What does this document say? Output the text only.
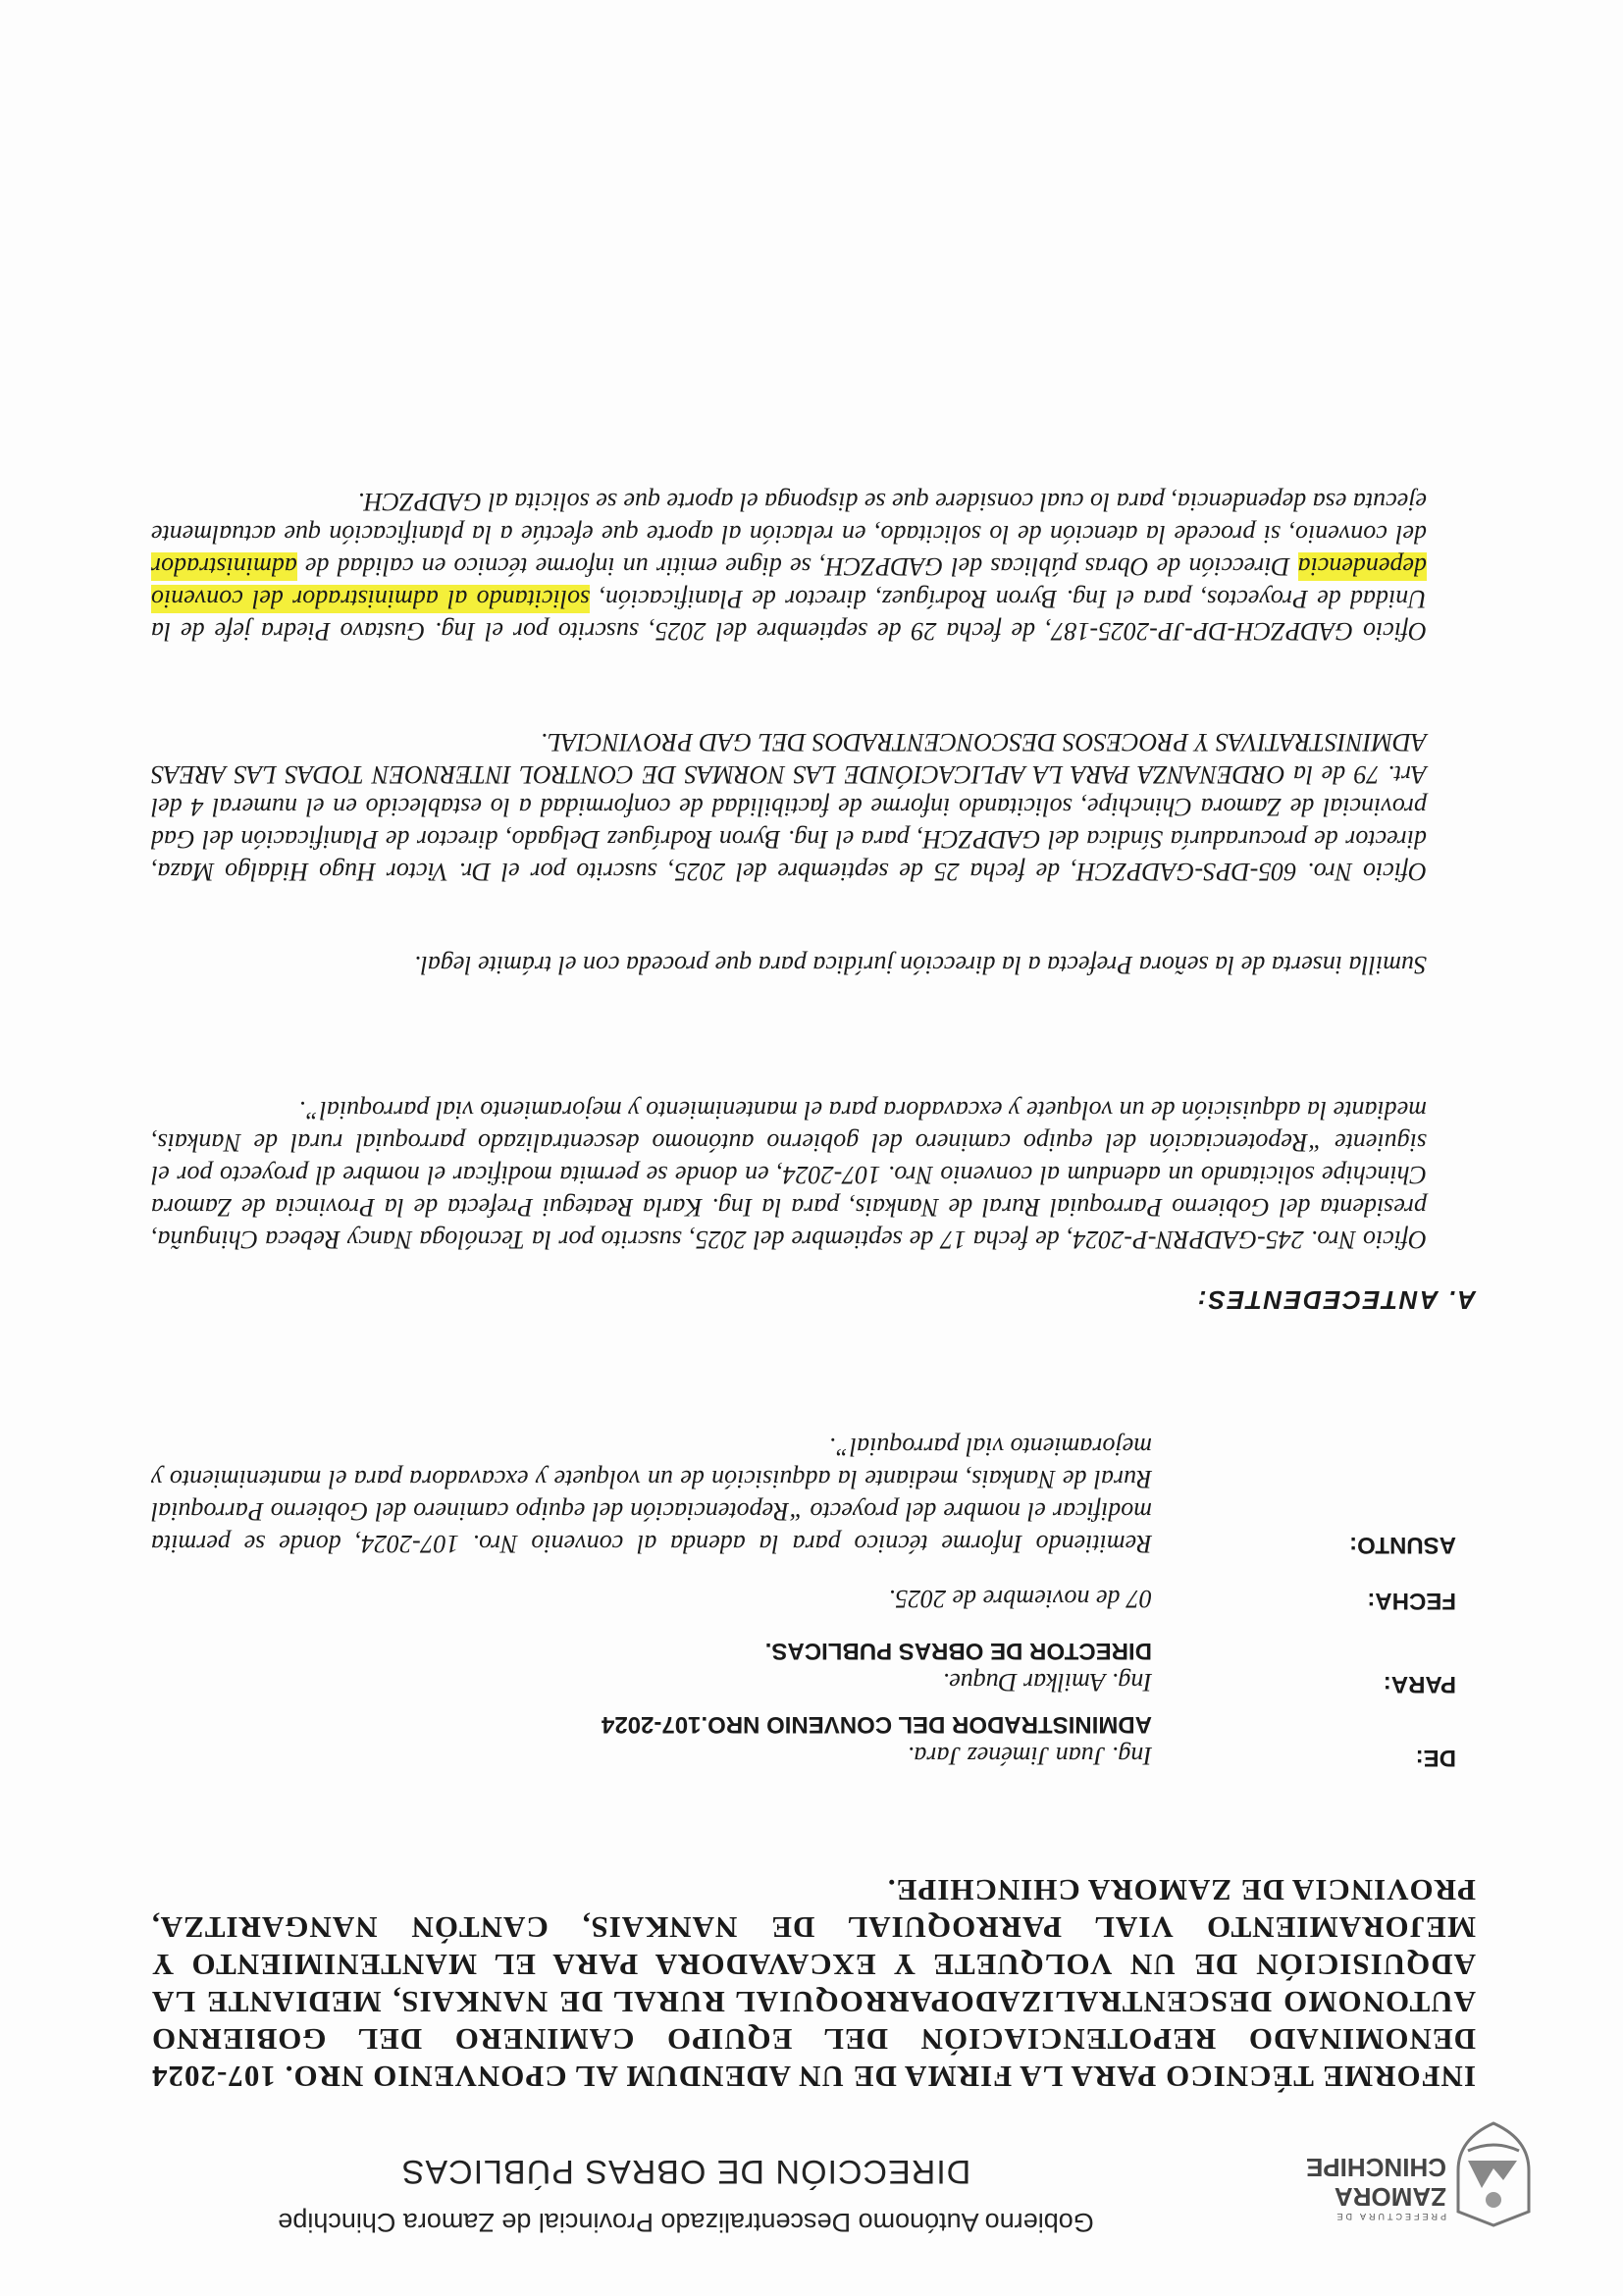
PREFECTURA DE
ZAMORA
CHINCHIPE
Gobierno Autónomo Descentralizado Provincial de Zamora Chinchipe
DIRECCIÓN DE OBRAS PÚBLICAS
INFORME TÉCNICO PARA LA FIRMA DE UN ADENDUM AL CPONVENIO NRO. 107-2024 DENOMINADO REPOTENCIACIÓN DEL EQUIPO CAMINERO DEL GOBIERNO AUTONOMO DESCENTRALIZADOPARROQUIAL RURAL DE NANKAIS, MEDIANTE LA ADQUISICIÓN DE UN VOLQUETE Y EXCAVADORA PARA EL MANTENIMIENTO Y MEJORAMIENTO VIAL PARROQUIAL DE NANKAIS, CANTÓN NANGARITZA, PROVINCIA DE ZAMORA CHINCHIPE.
DE:
Ing. Juan Jiménez Jara.
ADMINISTRADOR DEL CONVENIO NRO.107-2024
PARA:
Ing. Amilkar Duque.
DIRECTOR DE OBRAS PUBLICAS.
FECHA:
07 de noviembre de 2025.
ASUNTO:
Remitiendo Informe técnico para la adenda al convenio Nro. 107-2024, donde se permita modificar el nombre del proyecto “Repotenciación del equipo caminero del Gobierno Parroquial Rural de Nankais, mediante la adquisición de un volquete y excavadora para el mantenimiento y mejoramiento vial parroquial”.
A. ANTECEDENTES:
Oficio Nro. 245-GADPRN-P-2024, de fecha 17 de septiembre del 2025, suscrito por la Tecnóloga Nancy Rebeca Chinguña, presidenta del Gobierno Parroquial Rural de Nankais, para la Ing. Karla Reategui Prefecta de la Provincia de Zamora Chinchipe solicitando un adendum al convenio Nro. 107-2024, en donde se permita modificar el nombre dl proyecto por el siguiente “Repotenciación del equipo caminero del gobierno autónomo descentralizado parroquial rural de Nankais, mediante la adquisición de un volquete y excavadora para el mantenimiento y mejoramiento vial parroquial”.
Sumilla inserta de la señora Prefecta a la dirección jurídica para que proceda con el trámite legal.
Oficio Nro. 605-DPS-GADPZCH, de fecha 25 de septiembre del 2025, suscrito por el Dr. Victor Hugo Hidalgo Maza, director de procuraduría Síndica del GADPZCH, para el Ing. Byron Rodríguez Delgado, director de Planificación del Gad provincial de Zamora Chinchipe, solicitando informe de factibilidad de conformidad a lo establecido en el numeral 4 del Art. 79 de la ORDENANZA PARA LA APLICACIÓNDE LAS NORMAS DE CONTROL INTERNOEN TODAS LAS AREAS ADMINISTRATIVAS Y PROCESOS DESCONCENTRADOS DEL GAD PROVINCIAL.
Oficio GADPZCH-DP-JP-2025-187, de fecha 29 de septiembre del 2025, suscrito por el Ing. Gustavo Piedra jefe de la Unidad de Proyectos, para el Ing. Byron Rodríguez, director de Planificación, solicitando al administrador del convenio dependencia Dirección de Obras públicas del GADPZCH, se digne emitir un informe técnico en calidad de administrador del convenio, si procede la atención de lo solicitado, en relación al aporte que efectúe a la planificación que actualmente ejecuta esa dependencia, para lo cual considere que se disponga el aporte que se solicita al GADPZCH.
